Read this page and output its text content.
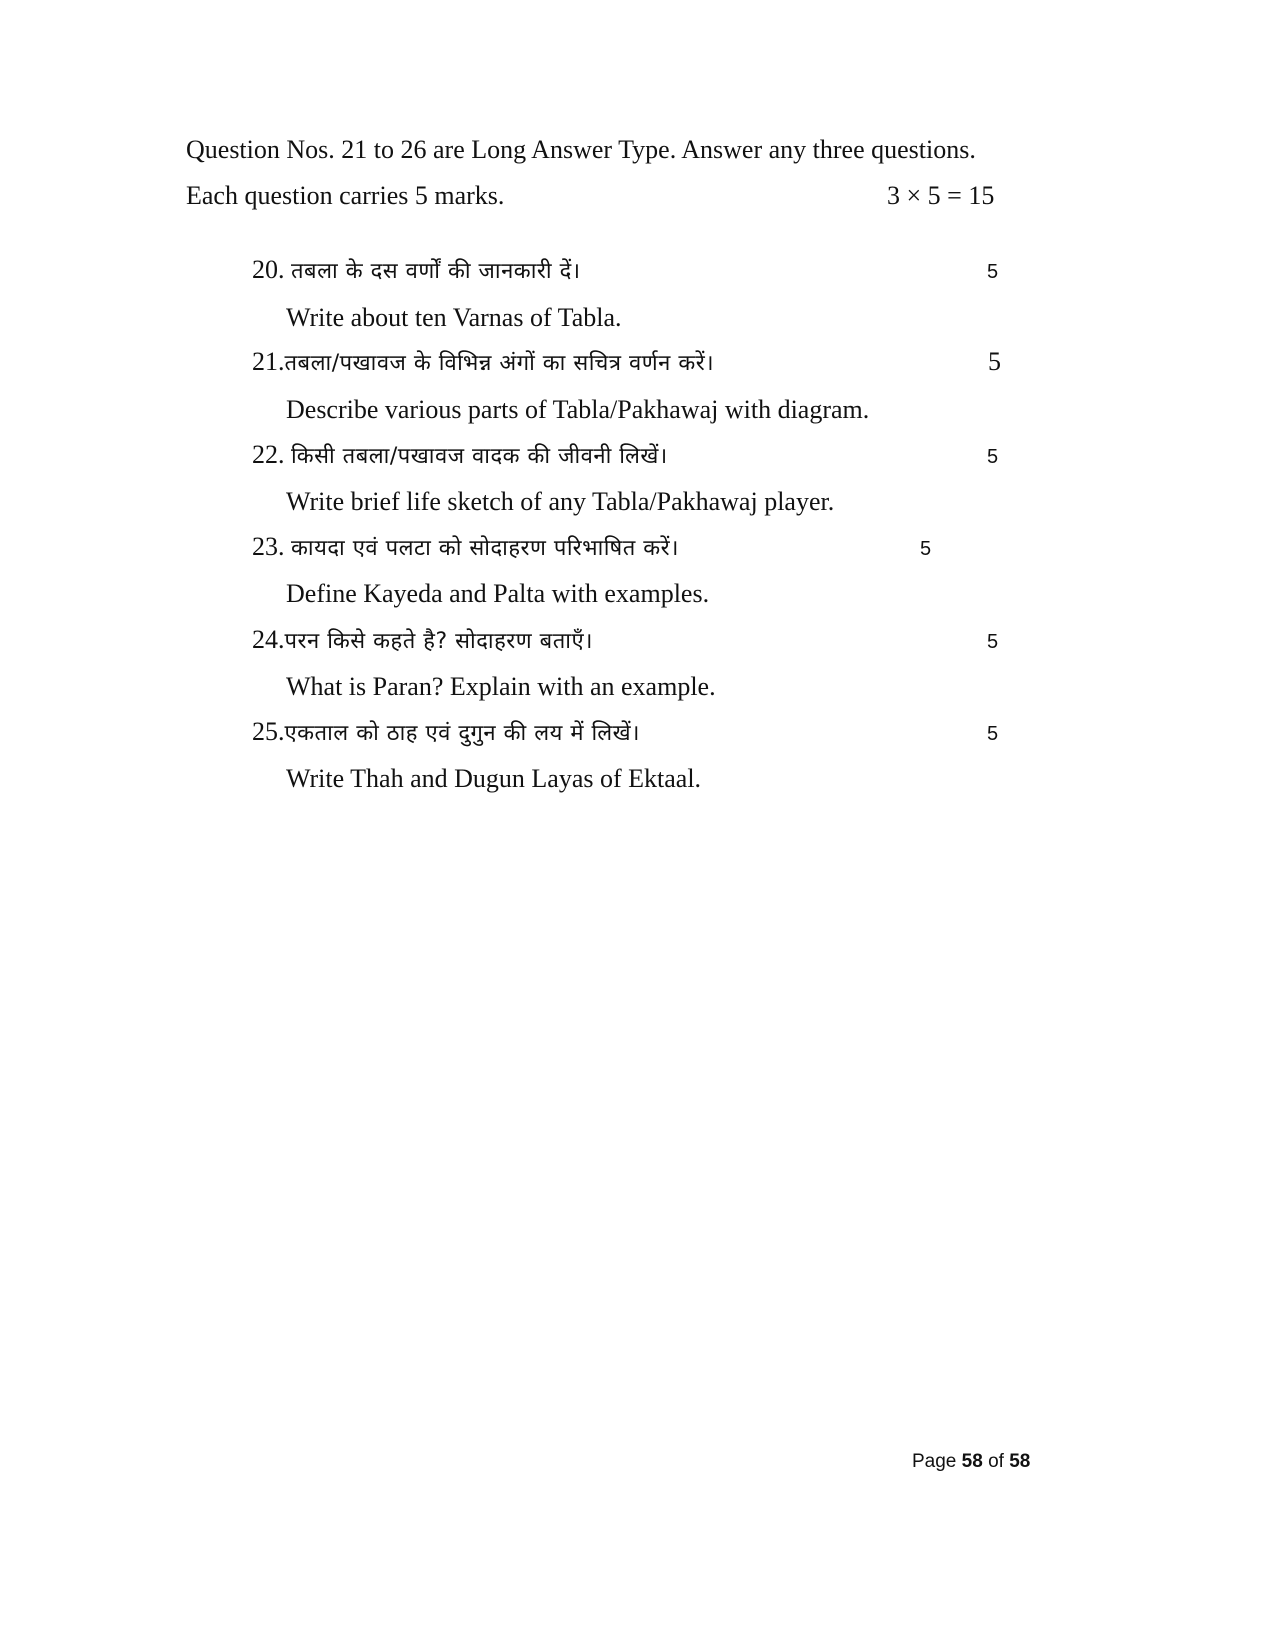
Question Nos. 21 to 26 are Long Answer Type. Answer any three questions.
Each question carries 5 marks.	3 × 5 = 15
20. तबला के दस वर्णों की जानकारी दें।	5
Write about ten Varnas of Tabla.
21.तबला/पखावज के विभिन्न अंगों का सचित्र वर्णन करें।	5
Describe various parts of Tabla/Pakhawaj with diagram.
22. किसी तबला/पखावज वादक की जीवनी लिखें।	5
Write brief life sketch of any Tabla/Pakhawaj player.
23. कायदा एवं पलटा को सोदाहरण परिभाषित करें।	5
Define Kayeda and Palta with examples.
24.परन किसे कहते है? सोदाहरण बताएँ।	5
What is Paran? Explain with an example.
25.एकताल को ठाह एवं दुगुन की लय में लिखें।	5
Write Thah and Dugun Layas of Ektaal.
Page 58 of 58
